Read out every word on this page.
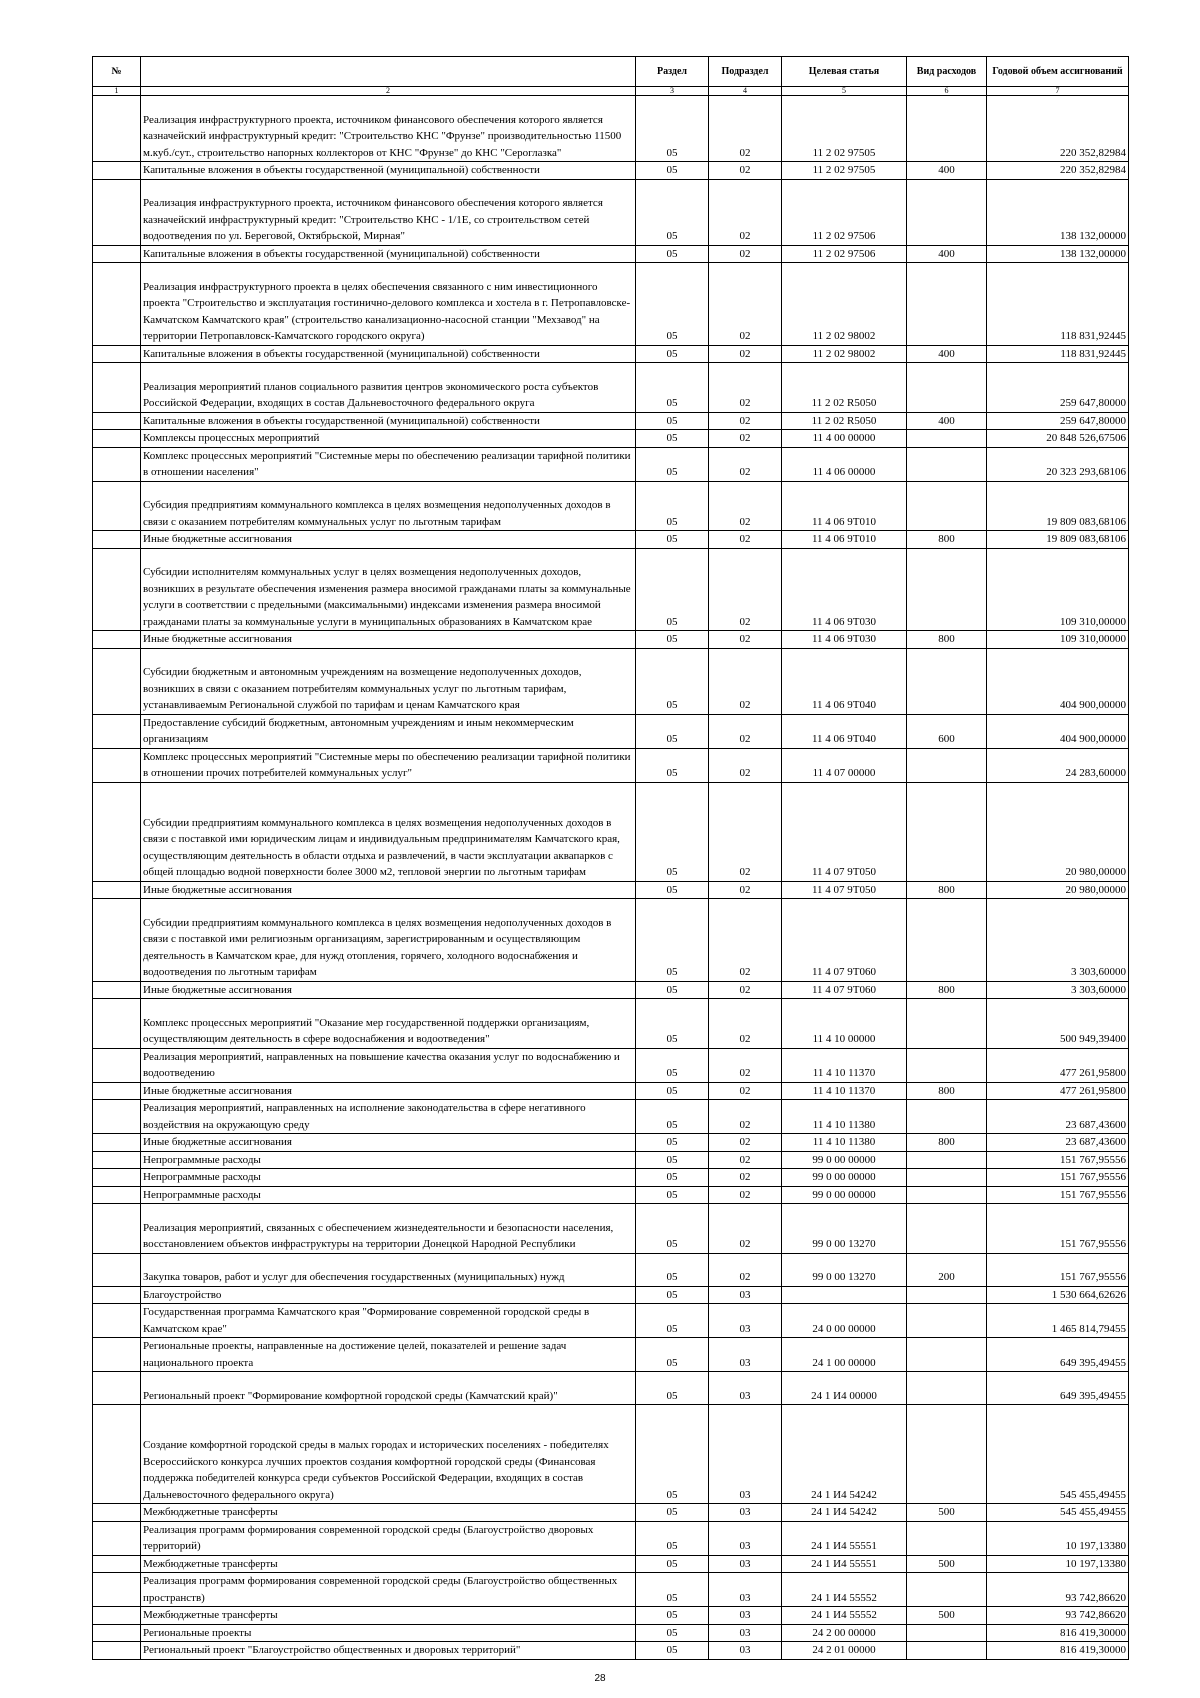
№		Раздел	Подраздел	Целевая статья	Вид расходов	Годовой объем ассигнований
1	2	3	4	5	6	7

	Реализация инфраструктурного проекта, источником финансового обеспечения которого является казначейский инфраструктурный кредит: "Строительство КНС "Фрунзе" производительностью 11500 м.куб./сут., строительство напорных коллекторов от КНС "Фрунзе" до КНС "Сероглазка"	05	02	11 2 02 97505		220 352,82984

	Капитальные вложения в объекты государственной (муниципальной) собственности	05	02	11 2 02 97505	400	220 352,82984

	Реализация инфраструктурного проекта, источником финансового обеспечения которого является казначейский инфраструктурный кредит: "Строительство КНС - 1/1Е, со строительством сетей водоотведения по ул. Береговой, Октябрьской, Мирная"	05	02	11 2 02 97506		138 132,00000

	Капитальные вложения в объекты государственной (муниципальной) собственности	05	02	11 2 02 97506	400	138 132,00000

	Реализация инфраструктурного проекта в целях обеспечения связанного с ним инвестиционного проекта "Строительство и эксплуатация гостинично-делового комплекса и хостела в г. Петропавловске-Камчатском Камчатского края" (строительство канализационно-насосной станции "Мехзавод" на территории Петропавловск-Камчатского городского округа)	05	02	11 2 02 98002		118 831,92445

	Капитальные вложения в объекты государственной (муниципальной) собственности	05	02	11 2 02 98002	400	118 831,92445

	Реализация мероприятий планов социального развития центров экономического роста субъектов Российской Федерации, входящих в состав Дальневосточного федерального округа	05	02	11 2 02 R5050		259 647,80000

	Капитальные вложения в объекты государственной (муниципальной) собственности	05	02	11 2 02 R5050	400	259 647,80000

	Комплексы процессных мероприятий	05	02	11 4 00 00000		20 848 526,67506

	Комплекс процессных мероприятий "Системные меры по обеспечению реализации тарифной политики в отношении населения"	05	02	11 4 06 00000		20 323 293,68106

	Субсидия предприятиям коммунального комплекса в целях возмещения недополученных доходов в связи с оказанием потребителям коммунальных услуг по льготным тарифам	05	02	11 4 06 9Т010		19 809 083,68106

	Иные бюджетные ассигнования	05	02	11 4 06 9Т010	800	19 809 083,68106

	Субсидии исполнителям коммунальных услуг в целях возмещения недополученных доходов, возникших в результате обеспечения изменения размера вносимой гражданами платы за коммунальные услуги в соответствии с предельными (максимальными) индексами изменения размера вносимой гражданами платы за коммунальные услуги в муниципальных образованиях в Камчатском крае	05	02	11 4 06 9Т030		109 310,00000

	Иные бюджетные ассигнования	05	02	11 4 06 9Т030	800	109 310,00000

	Субсидии бюджетным и автономным учреждениям на возмещение недополученных доходов, возникших в связи с оказанием потребителям коммунальных услуг по льготным тарифам, устанавливаемым Региональной службой по тарифам и ценам Камчатского края	05	02	11 4 06 9Т040		404 900,00000

	Предоставление субсидий бюджетным, автономным учреждениям и иным некоммерческим организациям	05	02	11 4 06 9Т040	600	404 900,00000

	Комплекс процессных мероприятий "Системные меры по обеспечению реализации тарифной политики в отношении прочих потребителей коммунальных услуг"	05	02	11 4 07 00000		24 283,60000

	Субсидии предприятиям коммунального комплекса в целях возмещения недополученных доходов в связи с поставкой ими юридическим лицам и индивидуальным предпринимателям Камчатского края, осуществляющим деятельность в области отдыха и развлечений, в части эксплуатации аквапарков с общей площадью водной поверхности более 3000 м2, тепловой энергии по льготным тарифам	05	02	11 4 07 9Т050		20 980,00000

	Иные бюджетные ассигнования	05	02	11 4 07 9Т050	800	20 980,00000

	Субсидии предприятиям коммунального комплекса в целях возмещения недополученных доходов в связи с поставкой ими религиозным организациям, зарегистрированным и осуществляющим деятельность в Камчатском крае, для нужд отопления, горячего, холодного водоснабжения и водоотведения по льготным тарифам	05	02	11 4 07 9Т060		3 303,60000

	Иные бюджетные ассигнования	05	02	11 4 07 9Т060	800	3 303,60000

	Комплекс процессных мероприятий "Оказание мер государственной поддержки организациям, осуществляющим деятельность в сфере водоснабжения и водоотведения"	05	02	11 4 10 00000		500 949,39400

	Реализация мероприятий, направленных на повышение качества оказания услуг по водоснабжению и водоотведению	05	02	11 4 10 11370		477 261,95800

	Иные бюджетные ассигнования	05	02	11 4 10 11370	800	477 261,95800

	Реализация мероприятий, направленных на исполнение законодательства в сфере негативного воздействия на окружающую среду	05	02	11 4 10 11380		23 687,43600

	Иные бюджетные ассигнования	05	02	11 4 10 11380	800	23 687,43600

	Непрограммные расходы	05	02	99 0 00 00000		151 767,95556

	Непрограммные расходы	05	02	99 0 00 00000		151 767,95556

	Непрограммные расходы	05	02	99 0 00 00000		151 767,95556

	Реализация мероприятий, связанных с обеспечением жизнедеятельности и безопасности населения, восстановлением объектов инфраструктуры на территории Донецкой Народной Республики	05	02	99 0 00 13270		151 767,95556

	Закупка товаров, работ и услуг для обеспечения государственных (муниципальных) нужд	05	02	99 0 00 13270	200	151 767,95556

	Благоустройство	05	03			1 530 664,62626

	Государственная программа Камчатского края "Формирование современной городской среды в Камчатском крае"	05	03	24 0 00 00000		1 465 814,79455

	Региональные проекты, направленные на достижение целей, показателей и решение задач национального проекта	05	03	24 1 00 00000		649 395,49455

	Региональный проект "Формирование комфортной городской среды (Камчатский край)"	05	03	24 1 И4 00000		649 395,49455

	Создание комфортной городской среды в малых городах и исторических поселениях - победителях Всероссийского конкурса лучших проектов создания комфортной городской среды (Финансовая поддержка победителей конкурса среди субъектов Российской Федерации, входящих в состав Дальневосточного федерального округа)	05	03	24 1 И4 54242		545 455,49455

	Межбюджетные трансферты	05	03	24 1 И4 54242	500	545 455,49455

	Реализация программ формирования современной городской среды (Благоустройство дворовых территорий)	05	03	24 1 И4 55551		10 197,13380

	Межбюджетные трансферты	05	03	24 1 И4 55551	500	10 197,13380

	Реализация программ формирования современной городской среды (Благоустройство общественных пространств)	05	03	24 1 И4 55552		93 742,86620

	Межбюджетные трансферты	05	03	24 1 И4 55552	500	93 742,86620

	Региональные проекты	05	03	24 2 00 00000		816 419,30000

	Региональный проект "Благоустройство общественных и дворовых территорий"	05	03	24 2 01 00000		816 419,30000
28
